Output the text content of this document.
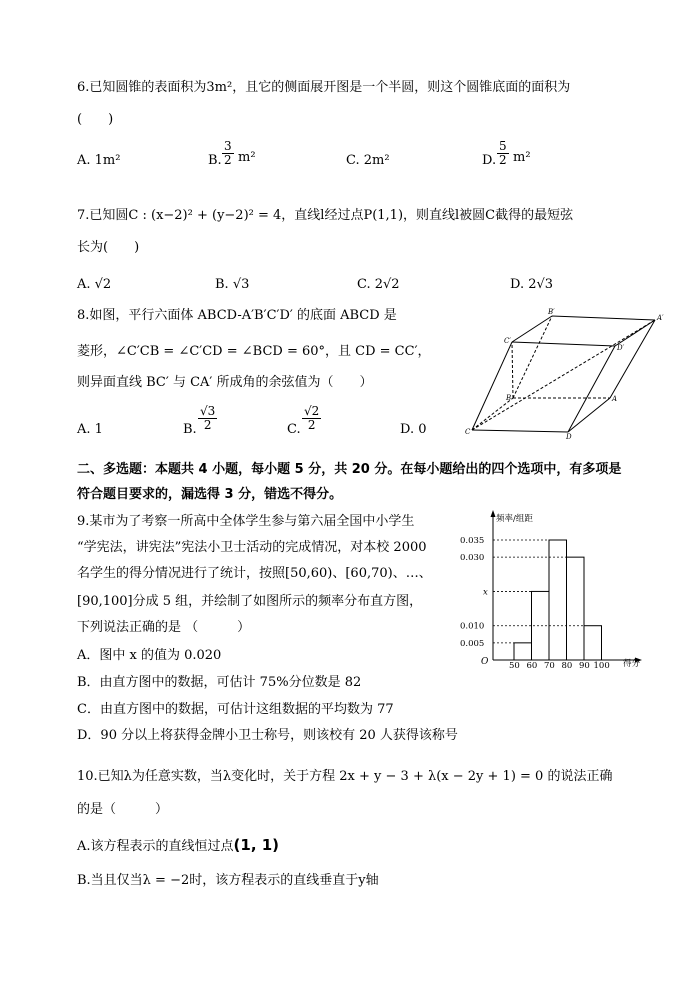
6.已知圆锥的表面积为3m²，且它的侧面展开图是一个半圆，则这个圆锥底面的面积为
(　　)
A. 1m²	B. $\frac{3}{2} m^2$	C. 2m²	D. $\frac{5}{2} m^2$
7.已知圆C : (x−2)² + (y−2)² = 4，直线l经过点P(1,1)，则直线l被圆C截得的最短弦
长为(　　)
A. √2	B. √3	C. 2√2	D. 2√3
8.如图，平行六面体 ABCD-A′B′C′D′ 的底面 ABCD 是
菱形，∠C′CB = ∠C′CD = ∠BCD = 60°，且 CD = CC′，
则异面直线 BC′ 与 CA′ 所成角的余弦值为（　　）
A. 1	B. $\frac{√3}{2}$	C. $\frac{√2}{2}$	D. 0
B′
A′
C′
D′
B	A
C
D
二、多选题：本题共 4 小题，每小题 5 分，共 20 分。在每小题给出的四个选项中，有多项是
符合题目要求的，漏选得 3 分，错选不得分。
9.某市为了考察一所高中全体学生参与第六届全国中小学生
“学宪法，讲宪法”宪法小卫士活动的完成情况，对本校 2000
名学生的得分情况进行了统计，按照[50,60)、[60,70)、…、
[90,100]分成 5 组，并绘制了如图所示的频率分布直方图，
下列说法正确的是 （　　　）
A．图中 x 的值为 0.020
B．由直方图中的数据，可估计 75%分位数是 82
C．由直方图中的数据，可估计这组数据的平均数为 77
D．90 分以上将获得金牌小卫士称号，则该校有 20 人获得该称号
频率/组距
得分
O
0.035
0.030
x
0.010
0.005
50 60 70 80 90 100
10.已知λ为任意实数，当λ变化时，关于方程 2x + y − 3 + λ(x − 2y + 1) = 0 的说法正确
的是（　　　）
A.该方程表示的直线恒过点(1, 1)
B.当且仅当λ = −2时，该方程表示的直线垂直于y轴
